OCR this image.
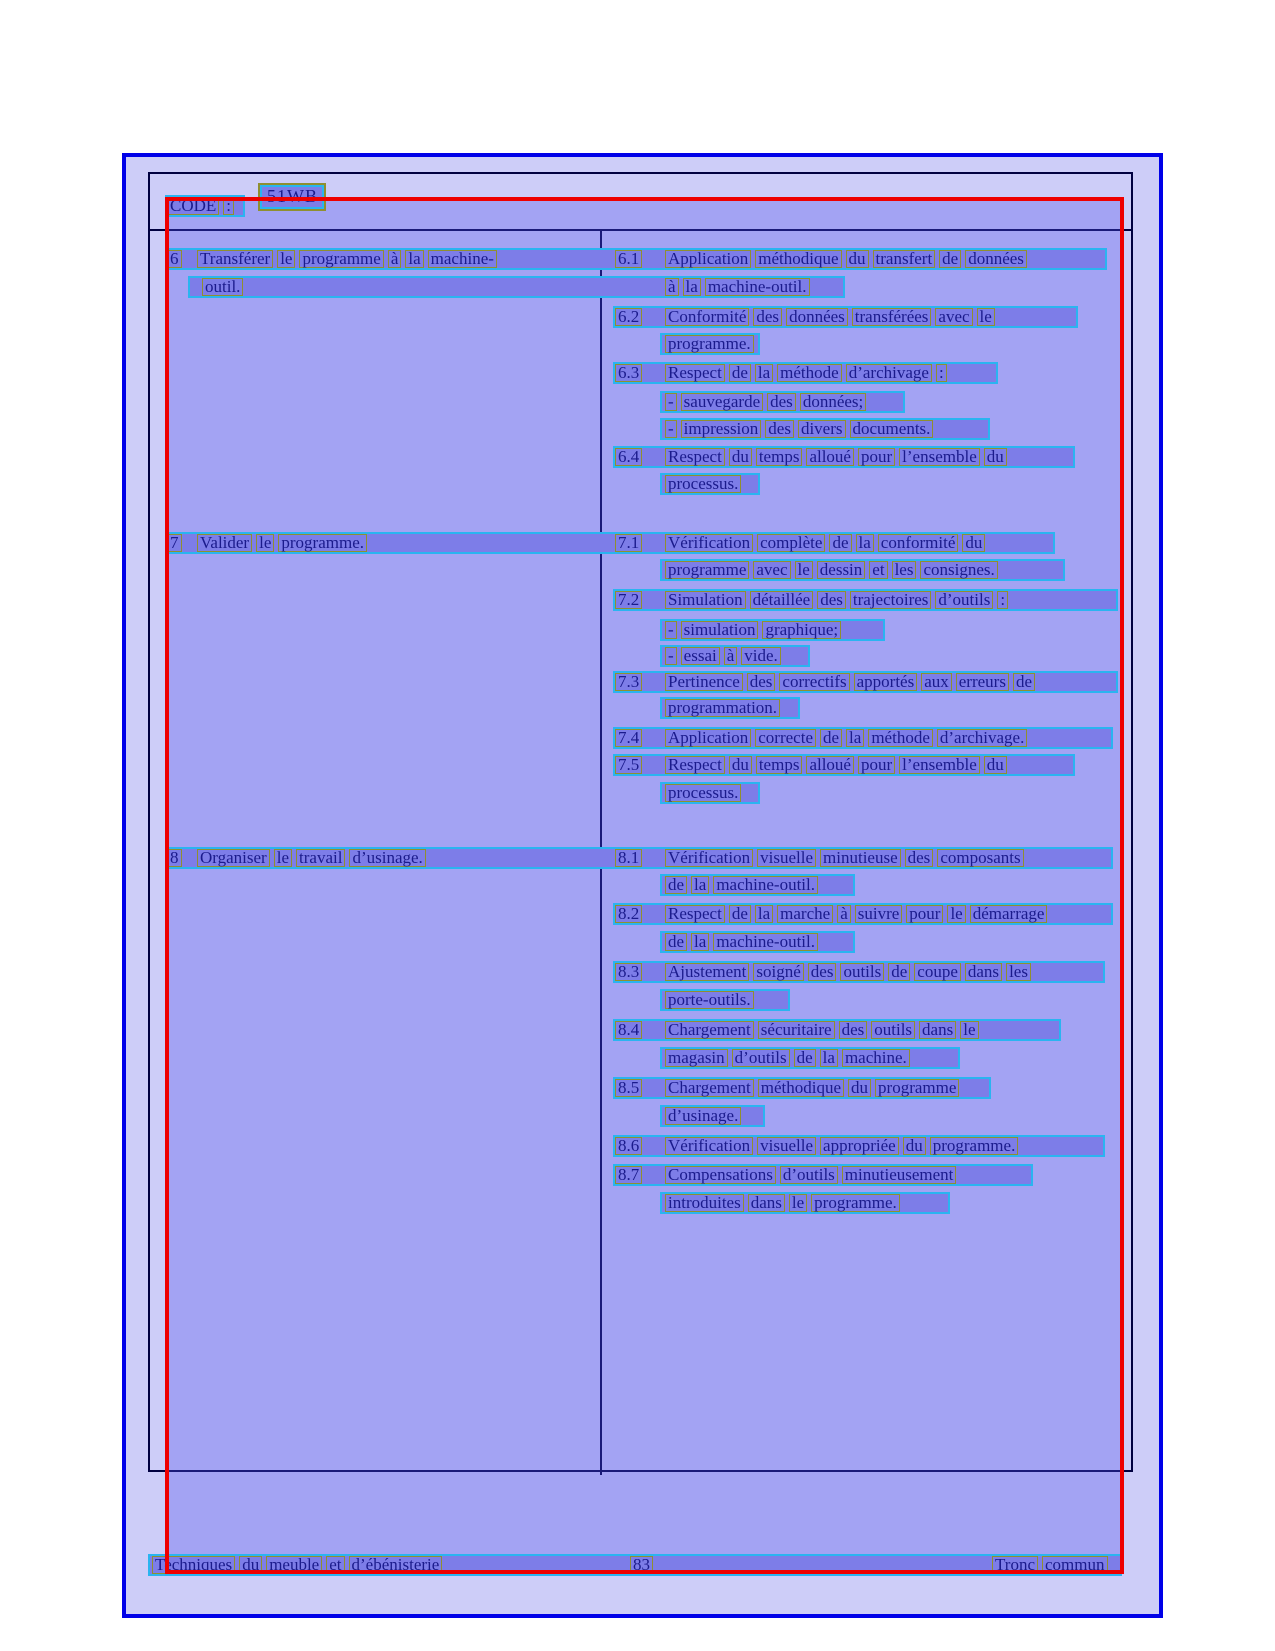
CODE :	51WB
6	Transférer le programme à la machine-	6.1	Application méthodique du transfert de données
outil.	à la machine-outil.
6.2	Conformité des données transférées avec le
programme.
6.3	Respect de la méthode d’archivage :
- sauvegarde des données;
- impression des divers documents.
6.4	Respect du temps alloué pour l’ensemble du
processus.
7	Valider le programme.	7.1	Vérification complète de la conformité du
programme avec le dessin et les consignes.
7.2	Simulation détaillée des trajectoires d’outils :
- simulation graphique;
- essai à vide.
7.3	Pertinence des correctifs apportés aux erreurs de
programmation.
7.4	Application correcte de la méthode d’archivage.
7.5	Respect du temps alloué pour l’ensemble du
processus.
8	Organiser le travail d’usinage.	8.1	Vérification visuelle minutieuse des composants
de la machine-outil.
8.2	Respect de la marche à suivre pour le démarrage
de la machine-outil.
8.3	Ajustement soigné des outils de coupe dans les
porte-outils.
8.4	Chargement sécuritaire des outils dans le
magasin d’outils de la machine.
8.5	Chargement méthodique du programme
d’usinage.
8.6	Vérification visuelle appropriée du programme.
8.7	Compensations d’outils minutieusement
introduites dans le programme.
Techniques du meuble et d’ébénisterie	83	Tronc commun
